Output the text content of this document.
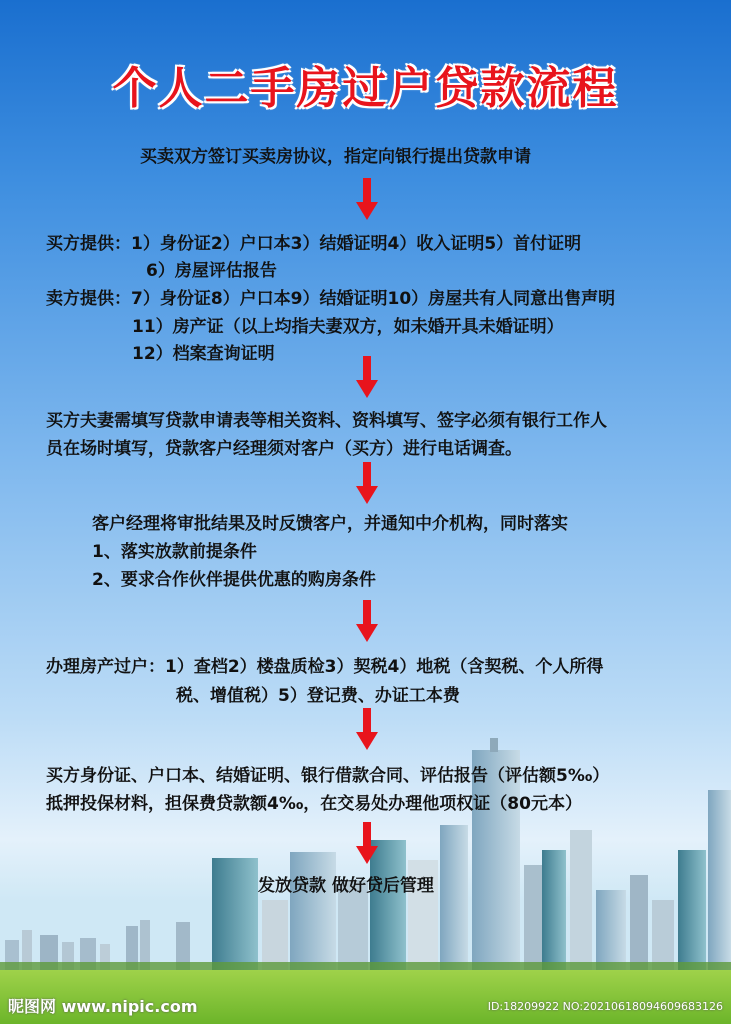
个人二手房过户贷款流程
买卖双方签订买卖房协议，指定向银行提出贷款申请
买方提供：1）身份证2）户口本3）结婚证明4）收入证明5）首付证明
6）房屋评估报告
卖方提供：7）身份证8）户口本9）结婚证明10）房屋共有人同意出售声明
11）房产证（以上均指夫妻双方，如未婚开具未婚证明）
12）档案查询证明
买方夫妻需填写贷款申请表等相关资料、资料填写、签字必须有银行工作人
员在场时填写，贷款客户经理须对客户（买方）进行电话调查。
客户经理将审批结果及时反馈客户，并通知中介机构，同时落实
1、落实放款前提条件
2、要求合作伙伴提供优惠的购房条件
办理房产过户：1）查档2）楼盘质检3）契税4）地税（含契税、个人所得
税、增值税）5）登记费、办证工本费
买方身份证、户口本、结婚证明、银行借款合同、评估报告（评估额5‰）
抵押投保材料，担保费贷款额4‰，在交易处办理他项权证（80元本）
发放贷款 做好贷后管理
昵图网 www.nipic.com	ID:18209922 NO:20210618094609683126
